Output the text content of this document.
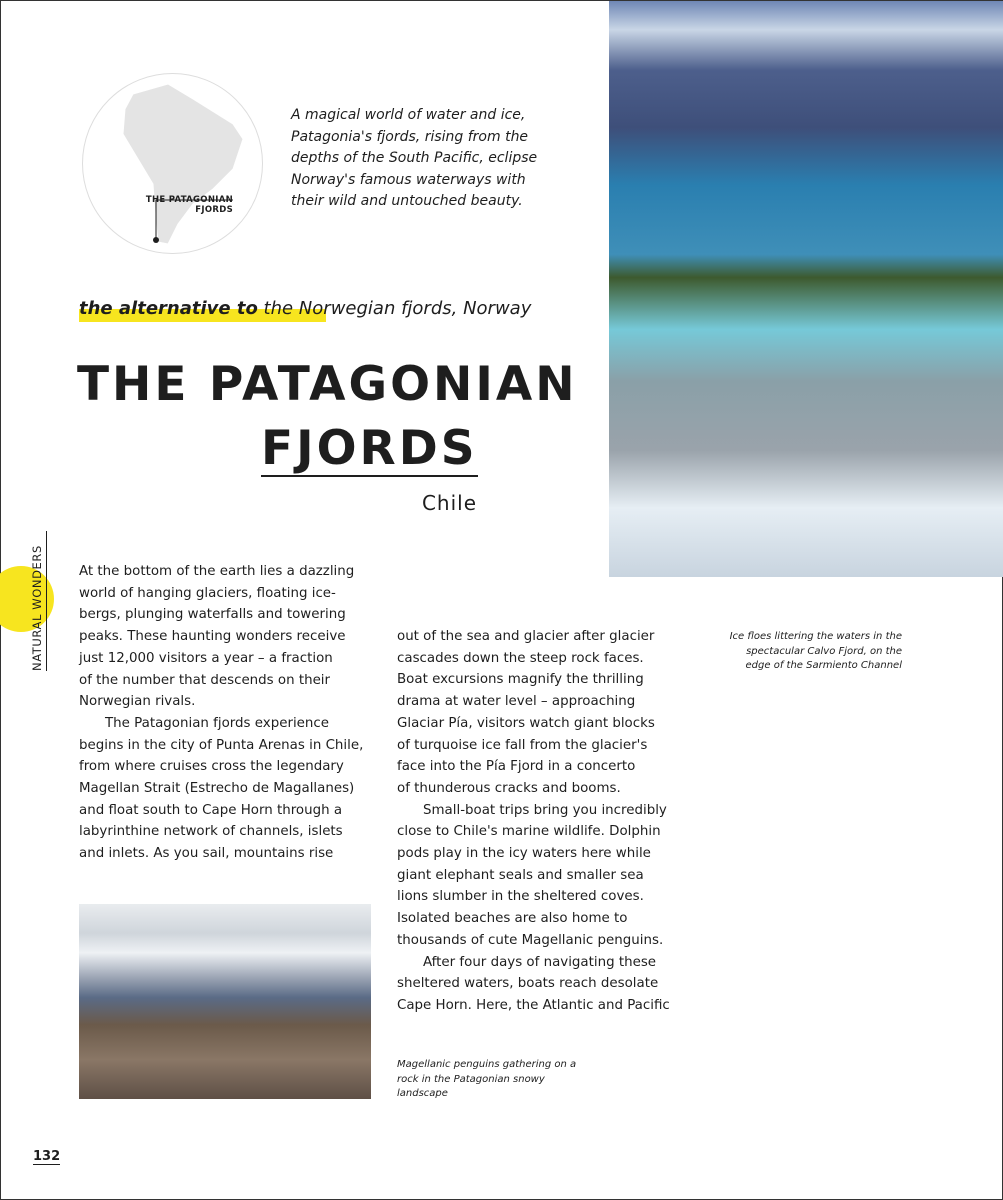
THE PATAGONIAN
FJORDS

A magical world of water and ice, Patagonia's fjords, rising from the depths of the South Pacific, eclipse Norway's famous waterways with their wild and untouched beauty.

the alternative to the Norwegian fjords, Norway
THE PATAGONIAN
FJORDS
Chile
NATURAL WONDERS	At the bottom of the earth lies a dazzling
world of hanging glaciers, floating ice-
bergs, plunging waterfalls and towering
peaks. These haunting wonders receive
just 12,000 visitors a year – a fraction
of the number that descends on their
Norwegian rivals.
The Patagonian fjords experience
begins in the city of Punta Arenas in Chile,
from where cruises cross the legendary
Magellan Strait (Estrecho de Magallanes)
and float south to Cape Horn through a
labyrinthine network of channels, islets
and inlets. As you sail, mountains rise
out of the sea and glacier after glacier
cascades down the steep rock faces.
Boat excursions magnify the thrilling
drama at water level – approaching
Glaciar Pía, visitors watch giant blocks
of turquoise ice fall from the glacier's
face into the Pía Fjord in a concerto
of thunderous cracks and booms.
Small-boat trips bring you incredibly
close to Chile's marine wildlife. Dolphin
pods play in the icy waters here while
giant elephant seals and smaller sea
lions slumber in the sheltered coves.
Isolated beaches are also home to
thousands of cute Magellanic penguins.
After four days of navigating these
sheltered waters, boats reach desolate
Cape Horn. Here, the Atlantic and Pacific

Ice floes littering the waters in the spectacular Calvo Fjord, on the edge of the Sarmiento Channel

Magellanic penguins gathering on a rock in the Patagonian snowy landscape

132
